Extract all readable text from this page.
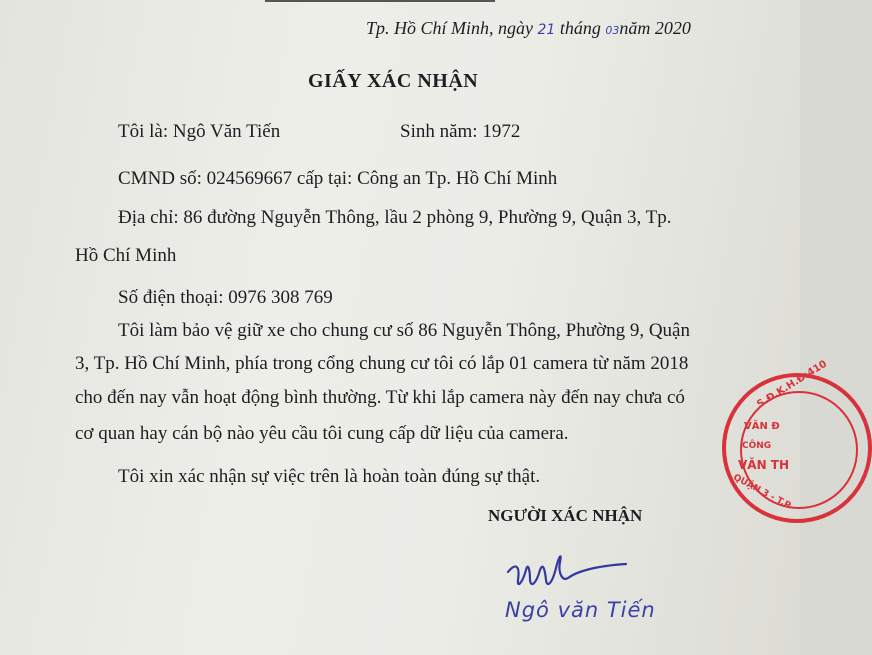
Tp. Hồ Chí Minh, ngày 21 tháng 03năm 2020
GIẤY XÁC NHẬN
Tôi là: Ngô Văn Tiến	Sinh năm: 1972
CMND số: 024569667 cấp tại: Công an Tp. Hồ Chí Minh
Địa chỉ: 86 đường Nguyễn Thông, lầu 2 phòng 9, Phường 9, Quận 3, Tp.
Hồ Chí Minh
Số điện thoại: 0976 308 769
Tôi làm bảo vệ giữ xe cho chung cư số 86 Nguyễn Thông, Phường 9, Quận
3, Tp. Hồ Chí Minh, phía trong cổng chung cư tôi có lắp 01 camera từ năm 2018
cho đến nay vẫn hoạt động bình thường. Từ khi lắp camera này đến nay chưa có
cơ quan hay cán bộ nào yêu cầu tôi cung cấp dữ liệu của camera.
Tôi xin xác nhận sự việc trên là hoàn toàn đúng sự thật.
NGƯỜI XÁC NHẬN
Ngô văn Tiến
S.Đ.K.H.Đ:410
VĂN Đ
CÔNG
VĂN TH
QUẬN 3 - T.P
